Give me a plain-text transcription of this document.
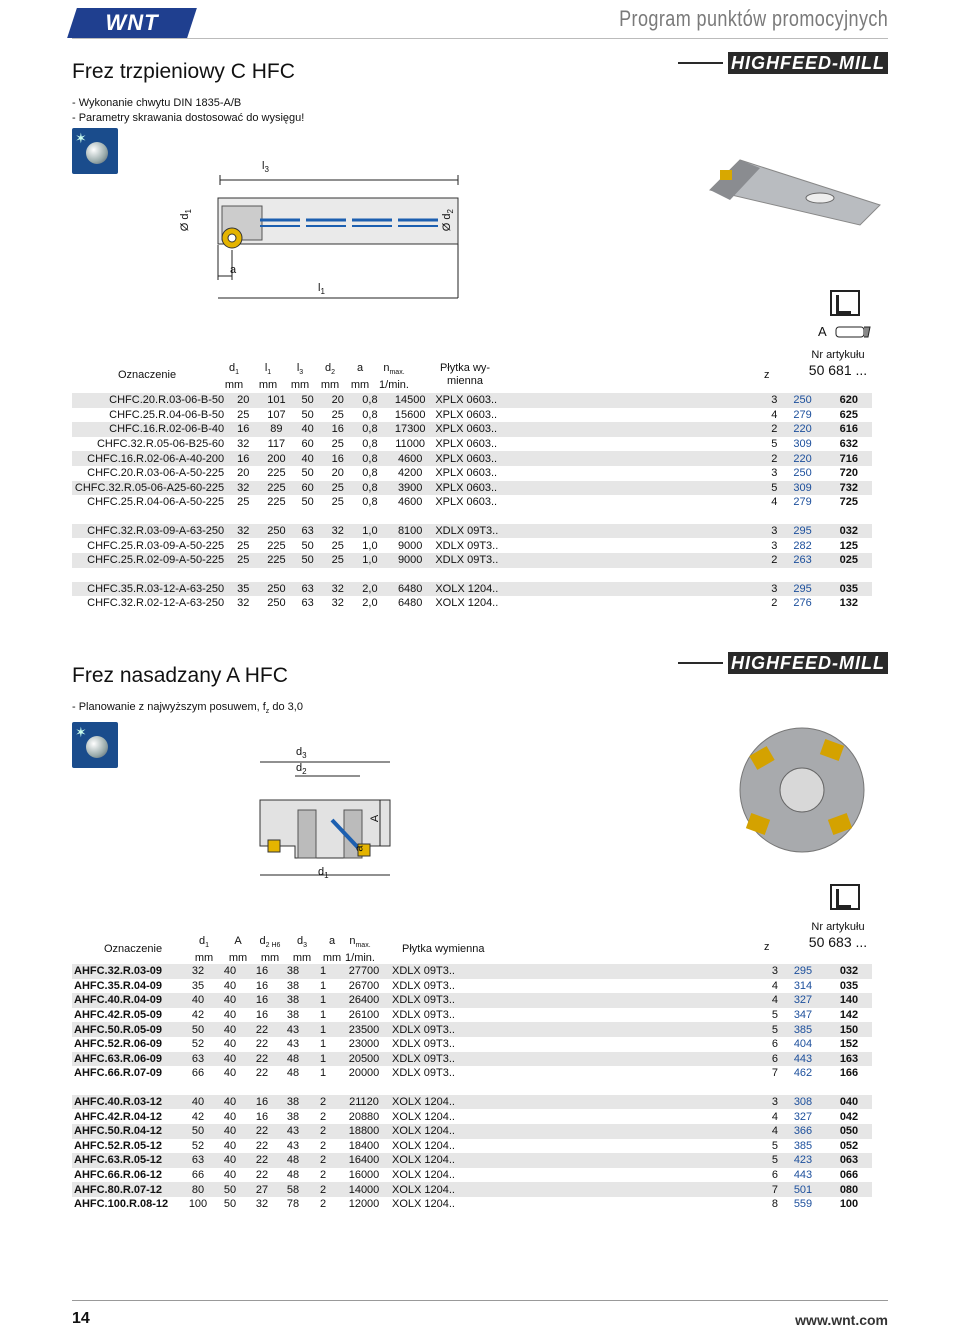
WNT	Program punktów promocyjnych
HIGHFEED-MILL
Frez trzpieniowy C HFC
- Wykonanie chwytu DIN 1835-A/B
- Parametry skrawania dostosować do wysięgu!
✶
$l_3$
Ø $d_1$
Ø $d_2$
a
$l_1$
A
Oznaczenie
$d_1$
mm
$l_1$
mm
$l_3$
mm
$d_2$
mm
a
mm
$n_{max.}$
1/min.
Płytka wy-
mienna	z
Nr artykułu
50 681 ...
CHFC.20.R.03-06-B-50	20	101	50	20	0,8	14500	XPLX 0603..	3	250	620
CHFC.25.R.04-06-B-50	25	107	50	25	0,8	15600	XPLX 0603..	4	279	625
CHFC.16.R.02-06-B-40	16	89	40	16	0,8	17300	XPLX 0603..	2	220	616
CHFC.32.R.05-06-B25-60	32	117	60	25	0,8	11000	XPLX 0603..	5	309	632
CHFC.16.R.02-06-A-40-200	16	200	40	16	0,8	4600	XPLX 0603..	2	220	716
CHFC.20.R.03-06-A-50-225	20	225	50	20	0,8	4200	XPLX 0603..	3	250	720
CHFC.32.R.05-06-A25-60-225	32	225	60	25	0,8	3900	XPLX 0603..	5	309	732
CHFC.25.R.04-06-A-50-225	25	225	50	25	0,8	4600	XPLX 0603..	4	279	725

CHFC.32.R.03-09-A-63-250	32	250	63	32	1,0	8100	XDLX 09T3..	3	295	032
CHFC.25.R.03-09-A-50-225	25	225	50	25	1,0	9000	XDLX 09T3..	3	282	125
CHFC.25.R.02-09-A-50-225	25	225	50	25	1,0	9000	XDLX 09T3..	2	263	025

CHFC.35.R.03-12-A-63-250	35	250	63	32	2,0	6480	XOLX 1204..	3	295	035
CHFC.32.R.02-12-A-63-250	32	250	63	32	2,0	6480	XOLX 1204..	2	276	132
HIGHFEED-MILL
Frez nasadzany A HFC
- Planowanie z najwyższym posuwem, $f_z$ do 3,0
✶
$d_3$
$d_2$
A
a
$d_1$
Oznaczenie
$d_1$
mm
A
mm
$d_{2 H6}$
mm
$d_3$
mm
a
mm
$n_{max.}$
1/min.
Płytka wymienna	z
Nr artykułu
50 683 ...
AHFC.32.R.03-09	32	40	16	38	1	27700	XDLX 09T3..	3	295	032
AHFC.35.R.04-09	35	40	16	38	1	26700	XDLX 09T3..	4	314	035
AHFC.40.R.04-09	40	40	16	38	1	26400	XDLX 09T3..	4	327	140
AHFC.42.R.05-09	42	40	16	38	1	26100	XDLX 09T3..	5	347	142
AHFC.50.R.05-09	50	40	22	43	1	23500	XDLX 09T3..	5	385	150
AHFC.52.R.06-09	52	40	22	43	1	23000	XDLX 09T3..	6	404	152
AHFC.63.R.06-09	63	40	22	48	1	20500	XDLX 09T3..	6	443	163
AHFC.66.R.07-09	66	40	22	48	1	20000	XDLX 09T3..	7	462	166

AHFC.40.R.03-12	40	40	16	38	2	21120	XOLX 1204..	3	308	040
AHFC.42.R.04-12	42	40	16	38	2	20880	XOLX 1204..	4	327	042
AHFC.50.R.04-12	50	40	22	43	2	18800	XOLX 1204..	4	366	050
AHFC.52.R.05-12	52	40	22	43	2	18400	XOLX 1204..	5	385	052
AHFC.63.R.05-12	63	40	22	48	2	16400	XOLX 1204..	5	423	063
AHFC.66.R.06-12	66	40	22	48	2	16000	XOLX 1204..	6	443	066
AHFC.80.R.07-12	80	50	27	58	2	14000	XOLX 1204..	7	501	080
AHFC.100.R.08-12	100	50	32	78	2	12000	XOLX 1204..	8	559	100
14	www.wnt.com
